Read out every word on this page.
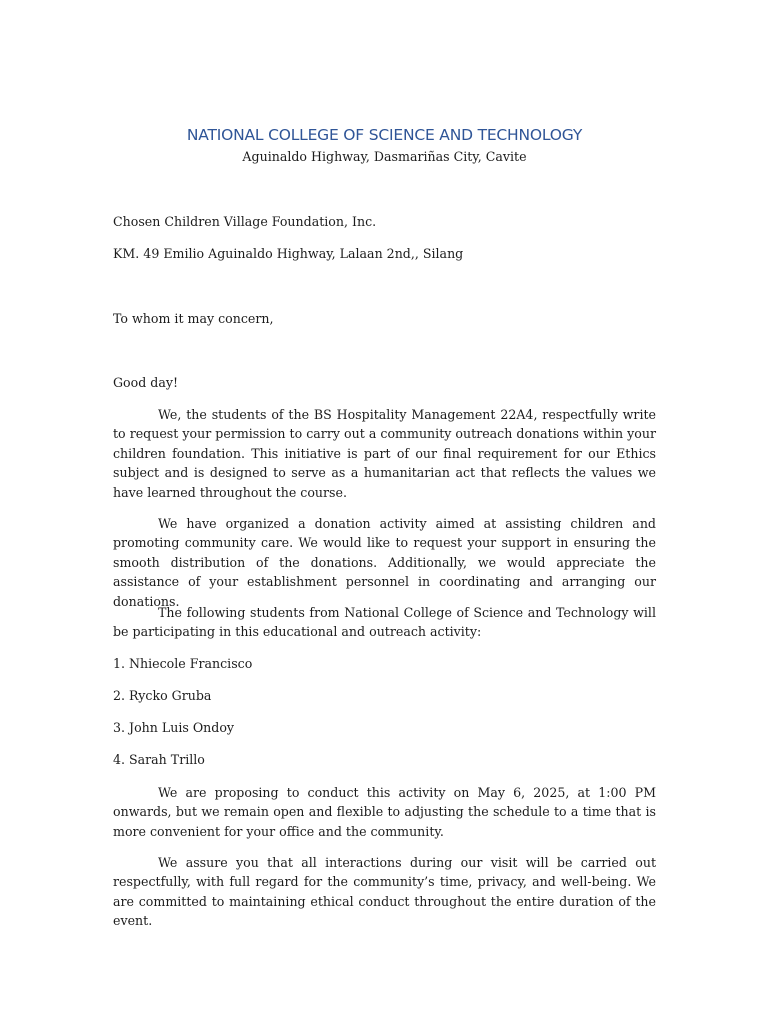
NATIONAL COLLEGE OF SCIENCE AND TECHNOLOGY
Aguinaldo Highway, Dasmariñas City, Cavite
Chosen Children Village Foundation, Inc.
KM. 49 Emilio Aguinaldo Highway, Lalaan 2nd,, Silang
To whom it may concern,
Good day!
We, the students of the BS Hospitality Management 22A4, respectfully write to request your permission to carry out a community outreach donations within your children foundation. This initiative is part of our final requirement for our Ethics subject and is designed to serve as a humanitarian act that reflects the values we have learned throughout the course.
We have organized a donation activity aimed at assisting children and promoting community care. We would like to request your support in ensuring the smooth distribution of the donations. Additionally, we would appreciate the assistance of your establishment personnel in coordinating and arranging our donations.
The following students from National College of Science and Technology will be participating in this educational and outreach activity:
1. Nhiecole Francisco
2. Rycko Gruba
3. John Luis Ondoy
4. Sarah Trillo
We are proposing to conduct this activity on May 6, 2025, at 1:00 PM onwards, but we remain open and flexible to adjusting the schedule to a time that is more convenient for your office and the community.
We assure you that all interactions during our visit will be carried out respectfully, with full regard for the community’s time, privacy, and well-being. We are committed to maintaining ethical conduct throughout the entire duration of the event.
